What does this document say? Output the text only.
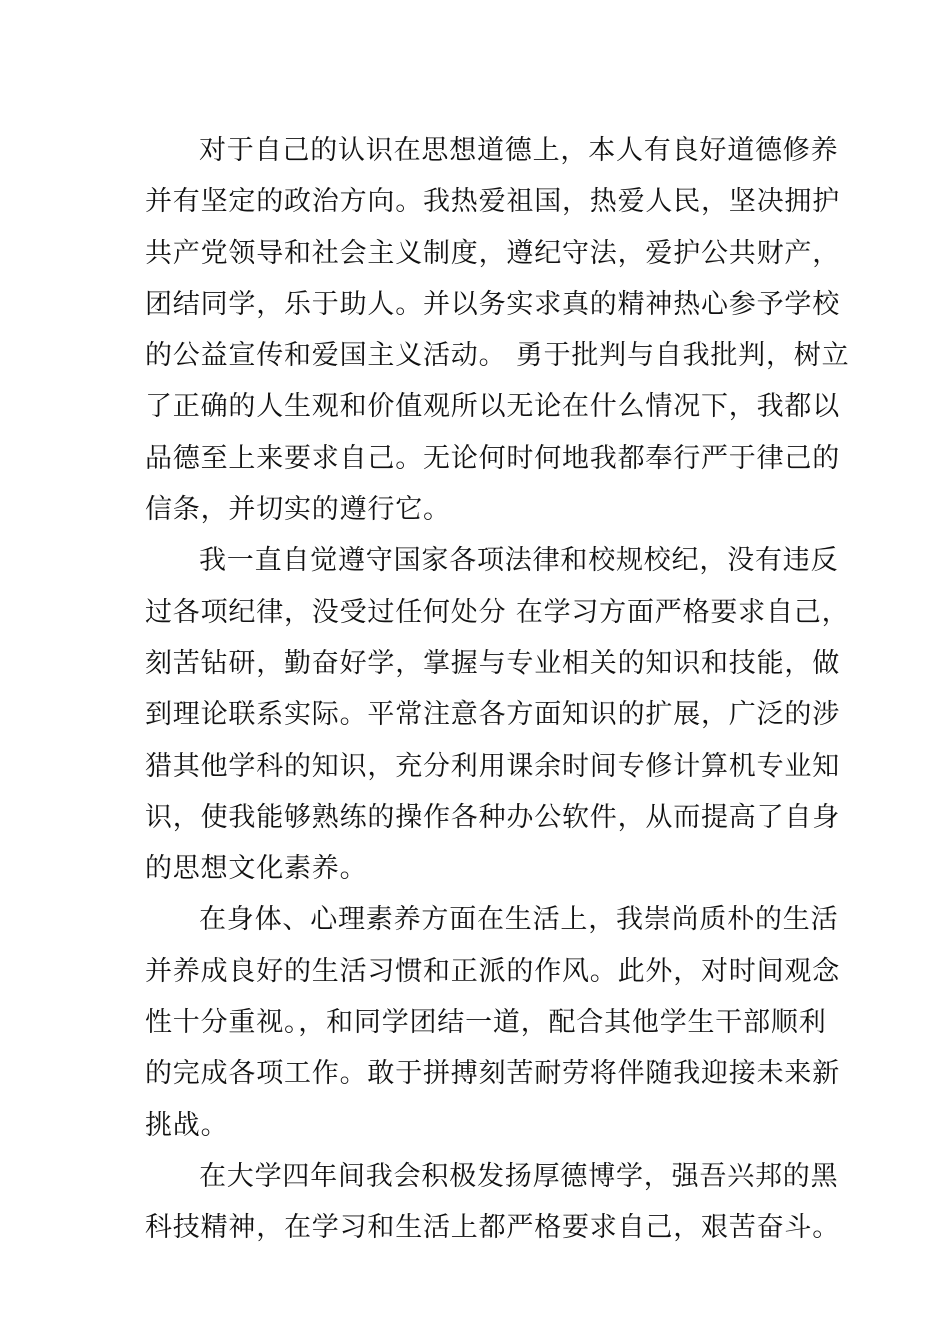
对于自己的认识在思想道德上，本人有良好道德修养
并有坚定的政治方向。我热爱祖国，热爱人民，坚决拥护
共产党领导和社会主义制度，遵纪守法，爱护公共财产，
团结同学，乐于助人。并以务实求真的精神热心参予学校
的公益宣传和爱国主义活动。 勇于批判与自我批判，树立
了正确的人生观和价值观所以无论在什么情况下，我都以
品德至上来要求自己。无论何时何地我都奉行严于律己的
信条，并切实的遵行它。
我一直自觉遵守国家各项法律和校规校纪，没有违反
过各项纪律，没受过任何处分 在学习方面严格要求自己，
刻苦钻研，勤奋好学，掌握与专业相关的知识和技能，做
到理论联系实际。平常注意各方面知识的扩展，广泛的涉
猎其他学科的知识，充分利用课余时间专修计算机专业知
识，使我能够熟练的操作各种办公软件，从而提高了自身
的思想文化素养。
在身体、心理素养方面在生活上，我崇尚质朴的生活
并养成良好的生活习惯和正派的作风。此外，对时间观念
性十分重视。，和同学团结一道，配合其他学生干部顺利
的完成各项工作。敢于拼搏刻苦耐劳将伴随我迎接未来新
挑战。
在大学四年间我会积极发扬厚德博学，强吾兴邦的黑
科技精神，在学习和生活上都严格要求自己，艰苦奋斗。
